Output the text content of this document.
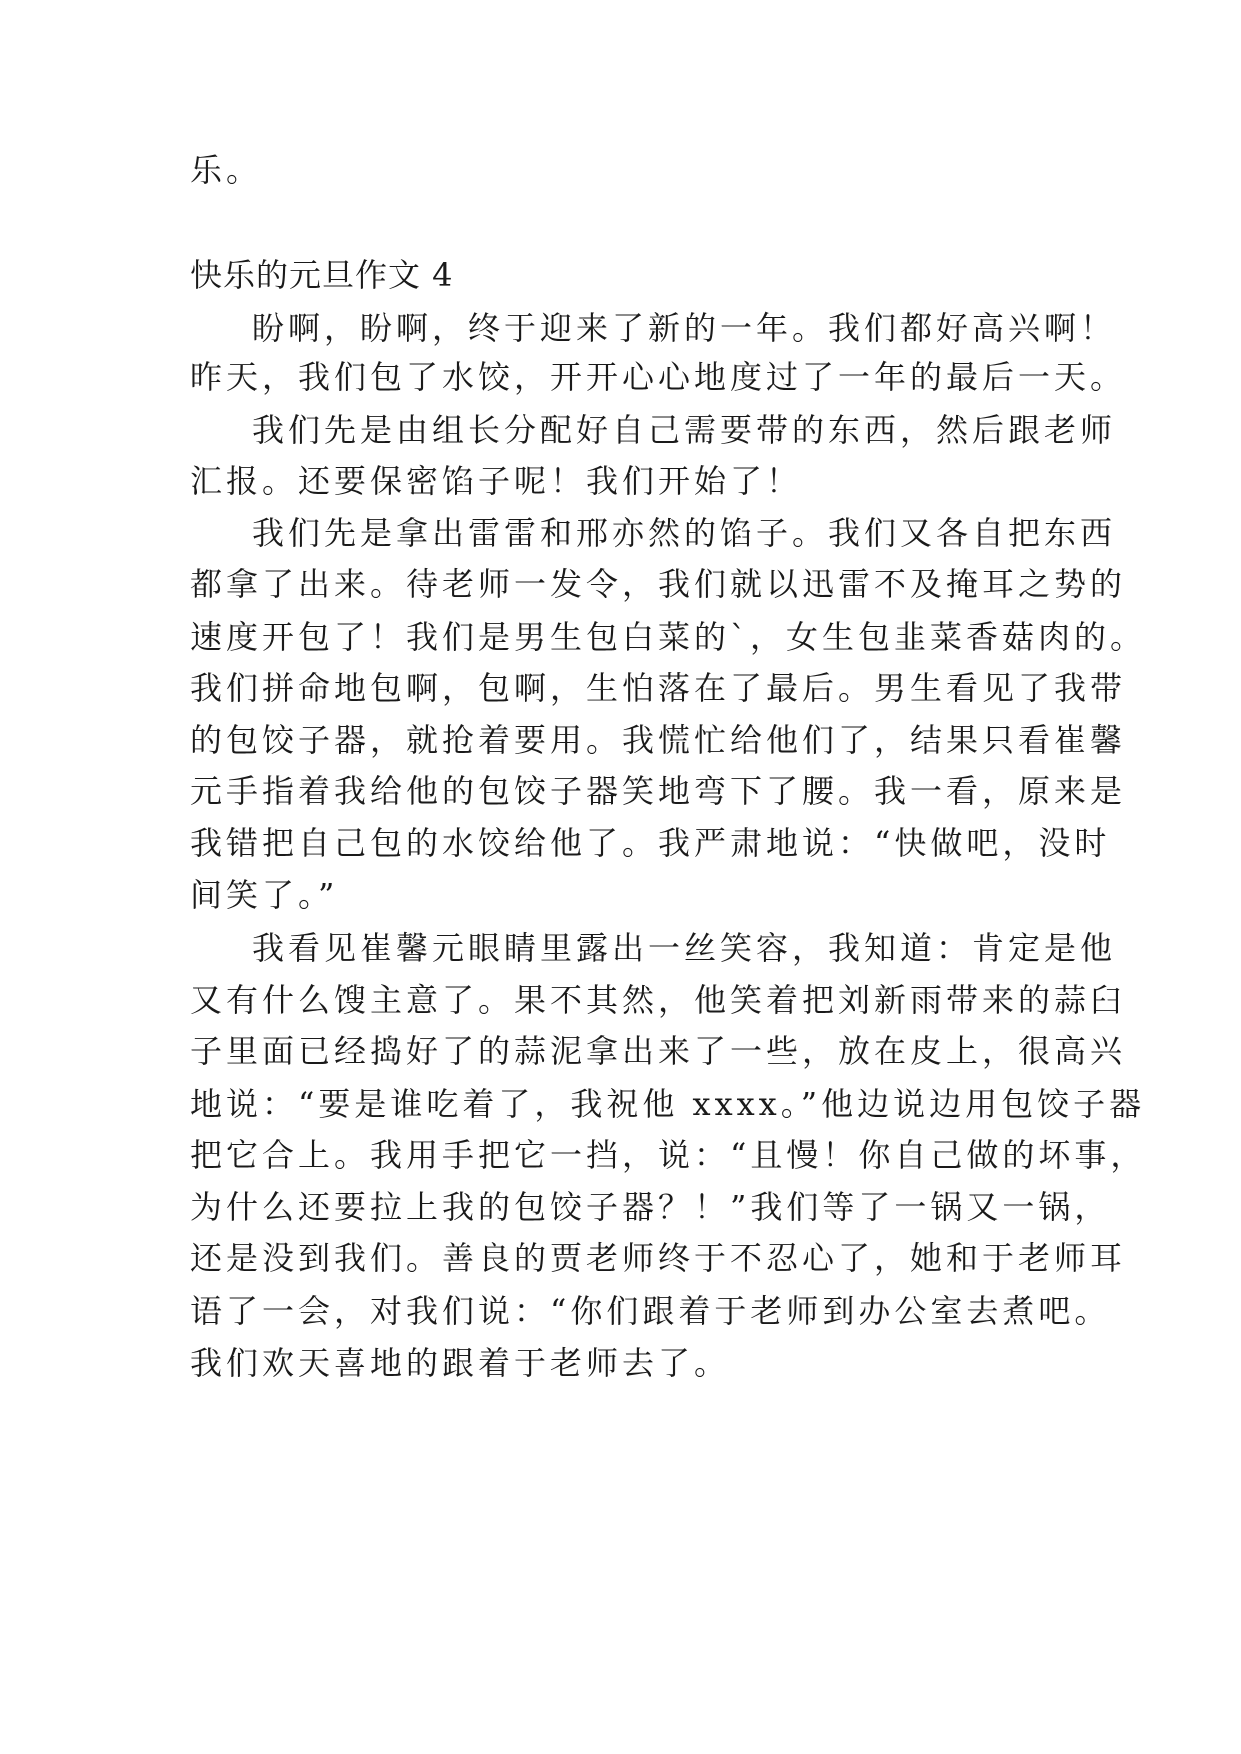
乐。
快乐的元旦作文 4
盼啊，盼啊，终于迎来了新的一年。我们都好高兴啊！
昨天，我们包了水饺，开开心心地度过了一年的最后一天。
我们先是由组长分配好自己需要带的东西，然后跟老师
汇报。还要保密馅子呢！我们开始了！
我们先是拿出雷雷和邢亦然的馅子。我们又各自把东西
都拿了出来。待老师一发令，我们就以迅雷不及掩耳之势的
速度开包了！我们是男生包白菜的`，女生包韭菜香菇肉的。
我们拼命地包啊，包啊，生怕落在了最后。男生看见了我带
的包饺子器，就抢着要用。我慌忙给他们了，结果只看崔馨
元手指着我给他的包饺子器笑地弯下了腰。我一看，原来是
我错把自己包的水饺给他了。我严肃地说：“快做吧，没时
间笑了。”
我看见崔馨元眼睛里露出一丝笑容，我知道：肯定是他
又有什么馊主意了。果不其然，他笑着把刘新雨带来的蒜臼
子里面已经捣好了的蒜泥拿出来了一些，放在皮上，很高兴
地说：“要是谁吃着了，我祝他 xxxx。”他边说边用包饺子器
把它合上。我用手把它一挡，说：“且慢！你自己做的坏事，
为什么还要拉上我的包饺子器？！”我们等了一锅又一锅，
还是没到我们。善良的贾老师终于不忍心了，她和于老师耳
语了一会，对我们说：“你们跟着于老师到办公室去煮吧。
我们欢天喜地的跟着于老师去了。
